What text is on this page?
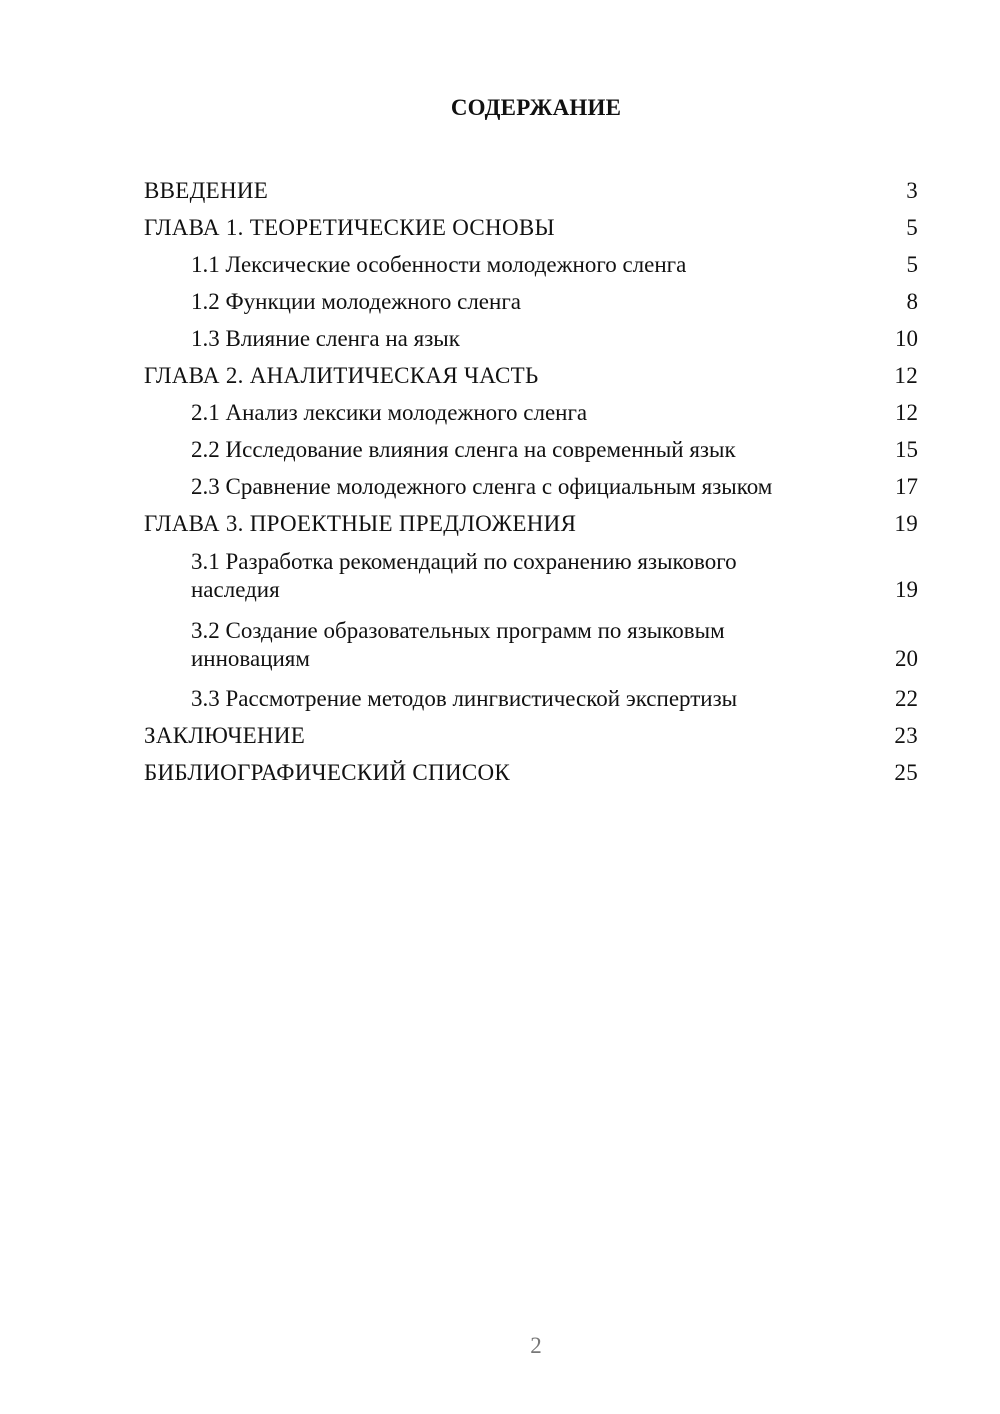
СОДЕРЖАНИЕ
ВВЕДЕНИЕ	3
ГЛАВА 1. ТЕОРЕТИЧЕСКИЕ ОСНОВЫ	5
1.1 Лексические особенности молодежного сленга	5
1.2 Функции молодежного сленга	8
1.3 Влияние сленга на язык	10
ГЛАВА 2. АНАЛИТИЧЕСКАЯ ЧАСТЬ	12
2.1 Анализ лексики молодежного сленга	12
2.2 Исследование влияния сленга на современный язык	15
2.3 Сравнение молодежного сленга с официальным языком	17
ГЛАВА 3. ПРОЕКТНЫЕ ПРЕДЛОЖЕНИЯ	19
3.1 Разработка рекомендаций по сохранению языкового наследия	19
3.2 Создание образовательных программ по языковым инновациям	20
3.3 Рассмотрение методов лингвистической экспертизы	22
ЗАКЛЮЧЕНИЕ	23
БИБЛИОГРАФИЧЕСКИЙ СПИСОК	25
2
